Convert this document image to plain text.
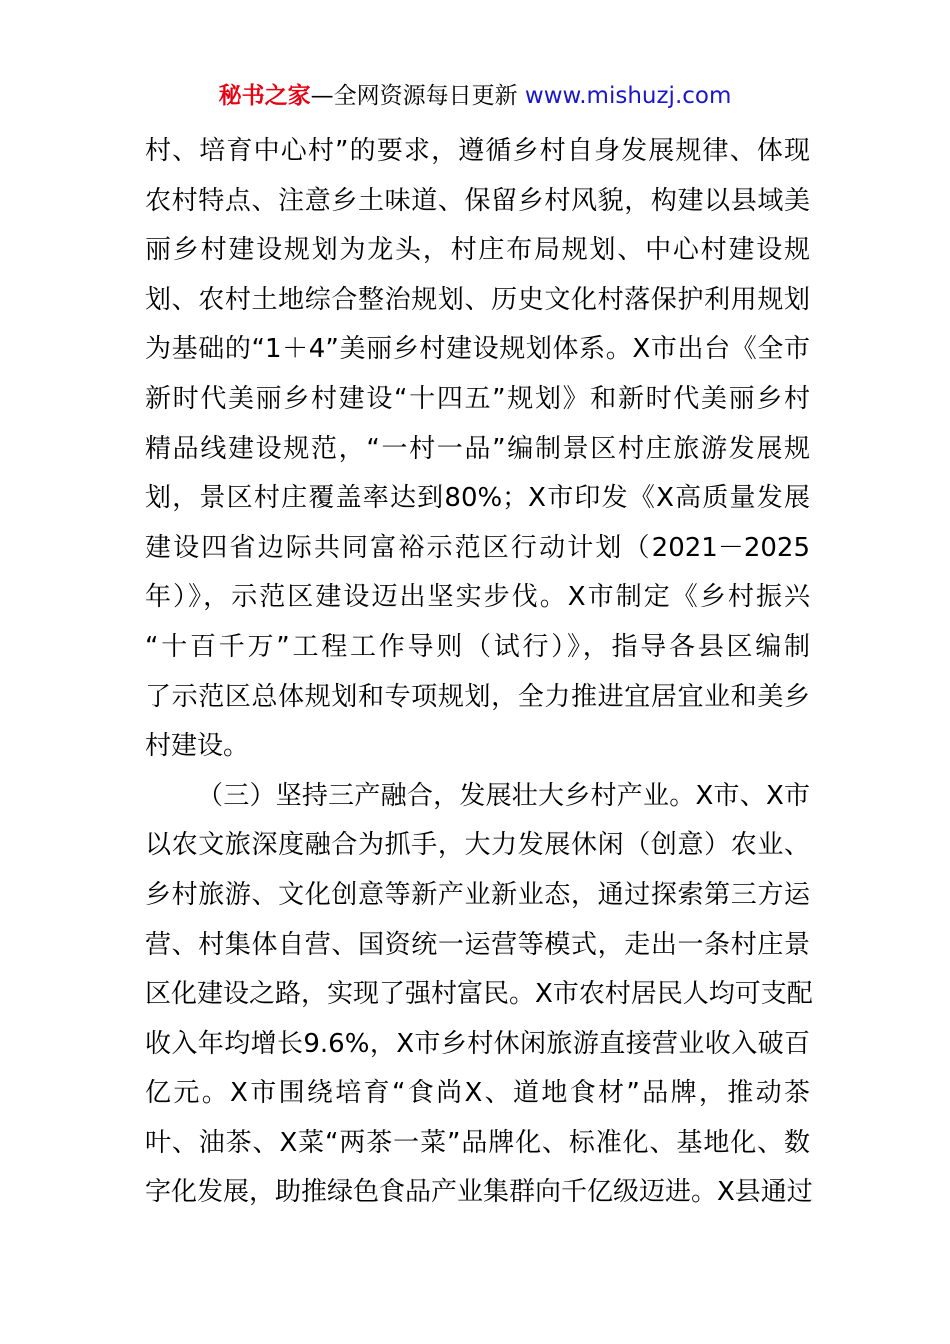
秘书之家—全网资源每日更新 www.mishuzj.com
村、培育中心村”的要求，遵循乡村自身发展规律、体现
农村特点、注意乡土味道、保留乡村风貌，构建以县域美
丽乡村建设规划为龙头，村庄布局规划、中心村建设规
划、农村土地综合整治规划、历史文化村落保护利用规划
为基础的“1＋4”美丽乡村建设规划体系。X市出台《全市
新时代美丽乡村建设“十四五”规划》和新时代美丽乡村
精品线建设规范，“一村一品”编制景区村庄旅游发展规
划，景区村庄覆盖率达到80%；X市印发《X高质量发展
建设四省边际共同富裕示范区行动计划（2021－2025
年）》，示范区建设迈出坚实步伐。X市制定《乡村振兴
“十百千万”工程工作导则（试行）》，指导各县区编制
了示范区总体规划和专项规划，全力推进宜居宜业和美乡
村建设。
（三）坚持三产融合，发展壮大乡村产业。X市、X市
以农文旅深度融合为抓手，大力发展休闲（创意）农业、
乡村旅游、文化创意等新产业新业态，通过探索第三方运
营、村集体自营、国资统一运营等模式，走出一条村庄景
区化建设之路，实现了强村富民。X市农村居民人均可支配
收入年均增长9.6%，X市乡村休闲旅游直接营业收入破百
亿元。X市围绕培育“食尚X、道地食材”品牌，推动茶
叶、油茶、X菜“两茶一菜”品牌化、标准化、基地化、数
字化发展，助推绿色食品产业集群向千亿级迈进。X县通过
